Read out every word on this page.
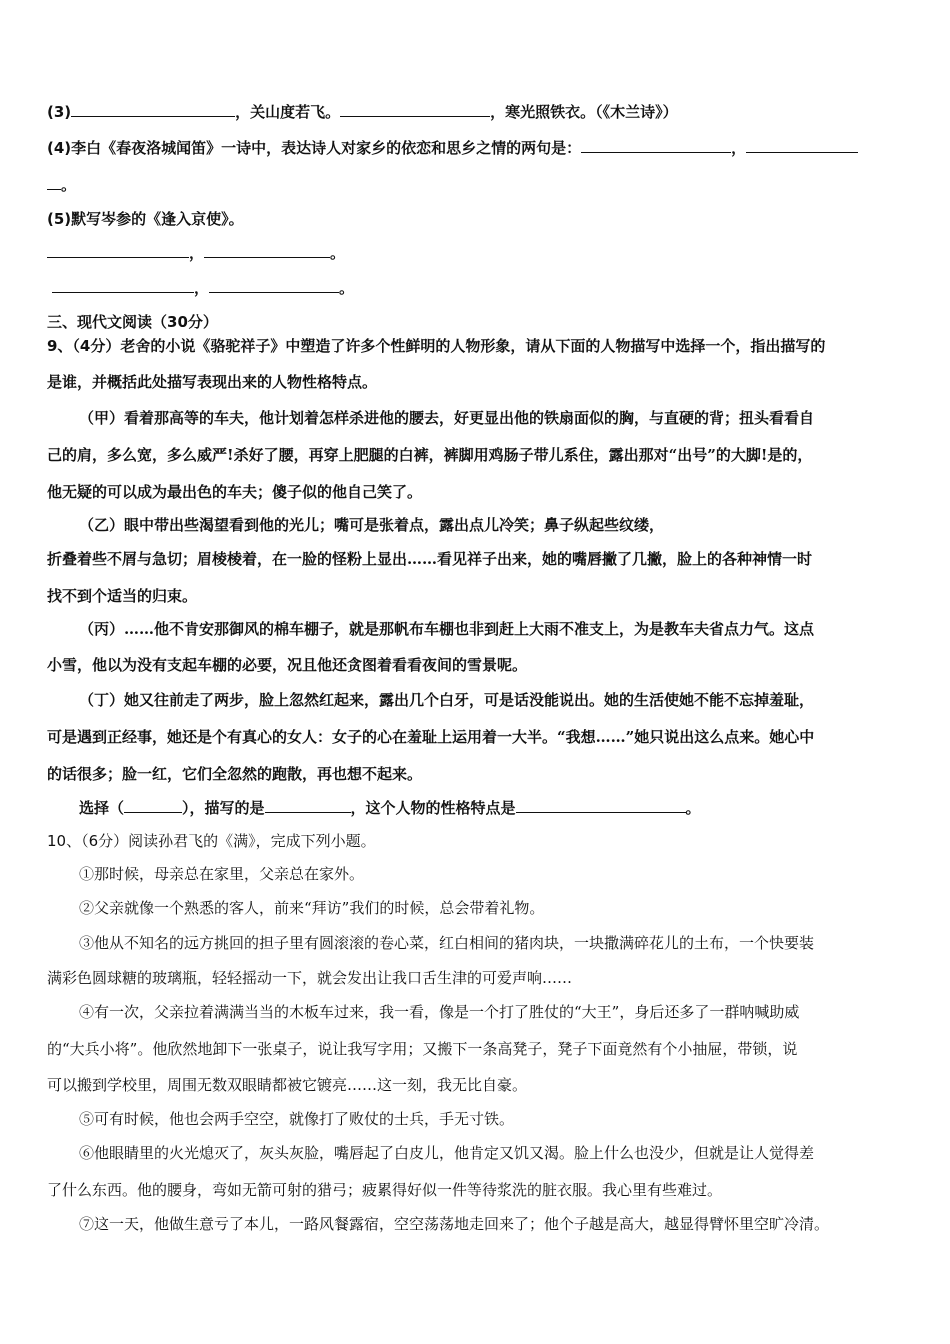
(3)	，关山度若飞。	，寒光照铁衣。（《木兰诗》）
(4)李白《春夜洛城闻笛》一诗中，表达诗人对家乡的依恋和思乡之情的两句是：	，
。
(5)默写岑参的《逢入京使》。
，	。
，	。
三、现代文阅读（30分）
9、（4分）老舍的小说《骆驼祥子》中塑造了许多个性鲜明的人物形象，请从下面的人物描写中选择一个，指出描写的
是谁，并概括此处描写表现出来的人物性格特点。
（甲）看着那高等的车夫，他计划着怎样杀进他的腰去，好更显出他的铁扇面似的胸，与直硬的背；扭头看看自
己的肩，多么宽，多么威严!杀好了腰，再穿上肥腿的白裤，裤脚用鸡肠子带儿系住，露出那对“出号”的大脚!是的，
他无疑的可以成为最出色的车夫；傻子似的他自己笑了。
（乙）眼中带出些渴望看到他的光儿；嘴可是张着点，露出点儿冷笑；鼻子纵起些纹缕，
折叠着些不屑与急切；眉棱棱着，在一脸的怪粉上显出……看见祥子出来，她的嘴唇撇了几撇，脸上的各种神情一时
找不到个适当的归束。
（丙）……他不肯安那御风的棉车棚子，就是那帆布车棚也非到赶上大雨不准支上，为是教车夫省点力气。这点
小雪，他以为没有支起车棚的必要，况且他还贪图着看看夜间的雪景呢。
（丁）她又往前走了两步，脸上忽然红起来，露出几个白牙，可是话没能说出。她的生活使她不能不忘掉羞耻，
可是遇到正经事，她还是个有真心的女人：女子的心在羞耻上运用着一大半。“我想……”她只说出这么点来。她心中
的话很多；脸一红，它们全忽然的跑散，再也想不起来。
选择（	），描写的是	，这个人物的性格特点是	。
10、（6分）阅读孙君飞的《满》，完成下列小题。
①那时候，母亲总在家里，父亲总在家外。
②父亲就像一个熟悉的客人，前来“拜访”我们的时候，总会带着礼物。
③他从不知名的远方挑回的担子里有圆滚滚的卷心菜，红白相间的猪肉块，一块撒满碎花儿的土布，一个快要装
满彩色圆球糖的玻璃瓶，轻轻摇动一下，就会发出让我口舌生津的可爱声响……
④有一次，父亲拉着满满当当的木板车过来，我一看，像是一个打了胜仗的“大王”，身后还多了一群呐喊助威
的“大兵小将”。他欣然地卸下一张桌子，说让我写字用；又搬下一条高凳子，凳子下面竟然有个小抽屉，带锁，说
可以搬到学校里，周围无数双眼睛都被它镀亮……这一刻，我无比自豪。
⑤可有时候，他也会两手空空，就像打了败仗的士兵，手无寸铁。
⑥他眼睛里的火光熄灭了，灰头灰脸，嘴唇起了白皮儿，他肯定又饥又渴。脸上什么也没少，但就是让人觉得差
了什么东西。他的腰身，弯如无箭可射的猎弓；疲累得好似一件等待浆洗的脏衣服。我心里有些难过。
⑦这一天，他做生意亏了本儿，一路风餐露宿，空空荡荡地走回来了；他个子越是高大，越显得臂怀里空旷冷清。
